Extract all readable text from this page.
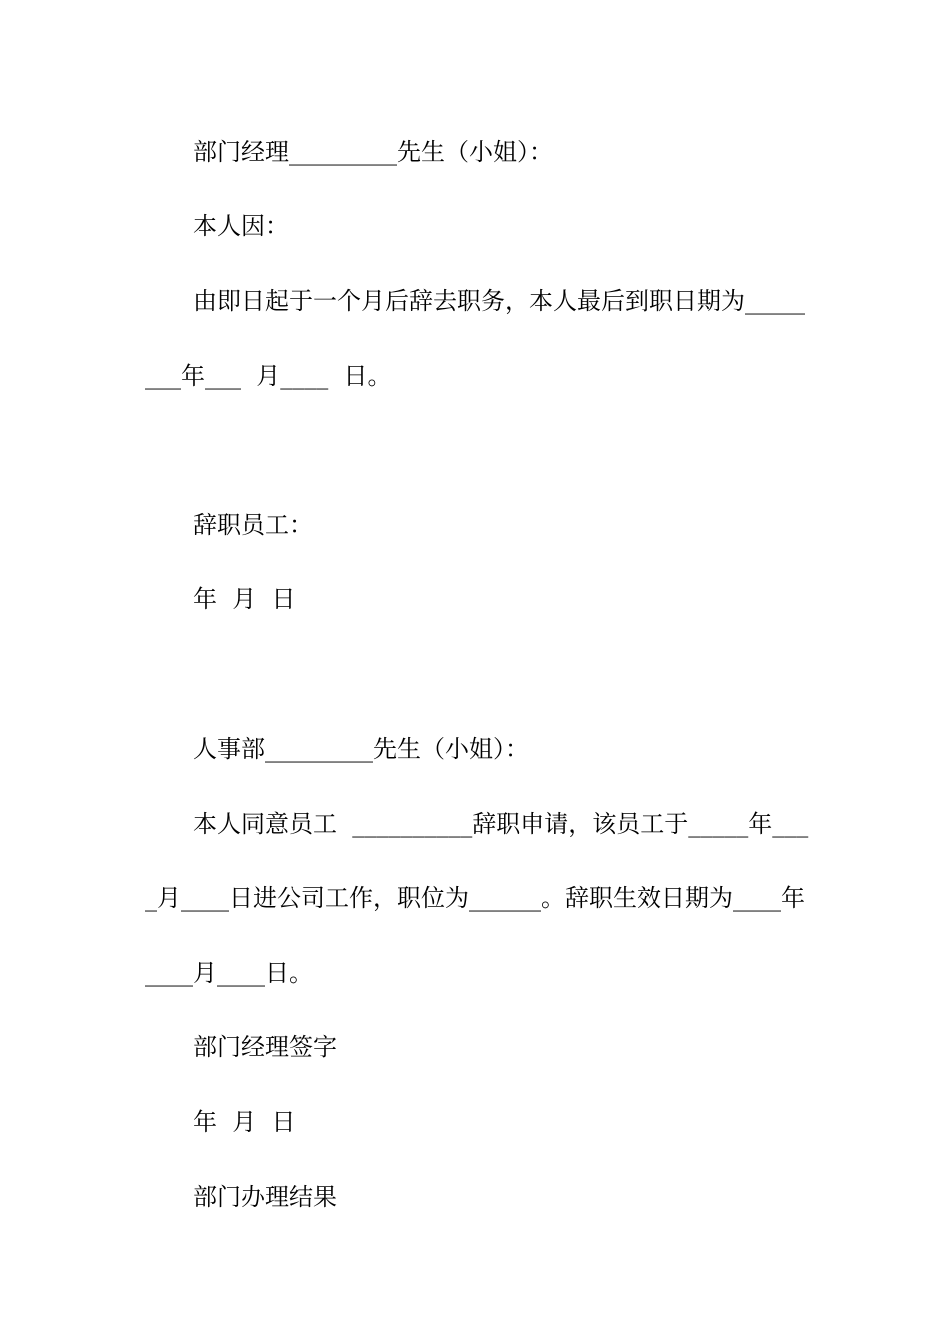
部门经理_________先生（小姐）：
本人因：
由即日起于一个月后辞去职务，本人最后到职日期为_____
___年___  月____  日。
辞职员工：
年  月  日
人事部_________先生（小姐）：
本人同意员工  __________辞职申请，该员工于_____年___
_月____日进公司工作，职位为______。辞职生效日期为____年
____月____日。
部门经理签字
年  月  日
部门办理结果
